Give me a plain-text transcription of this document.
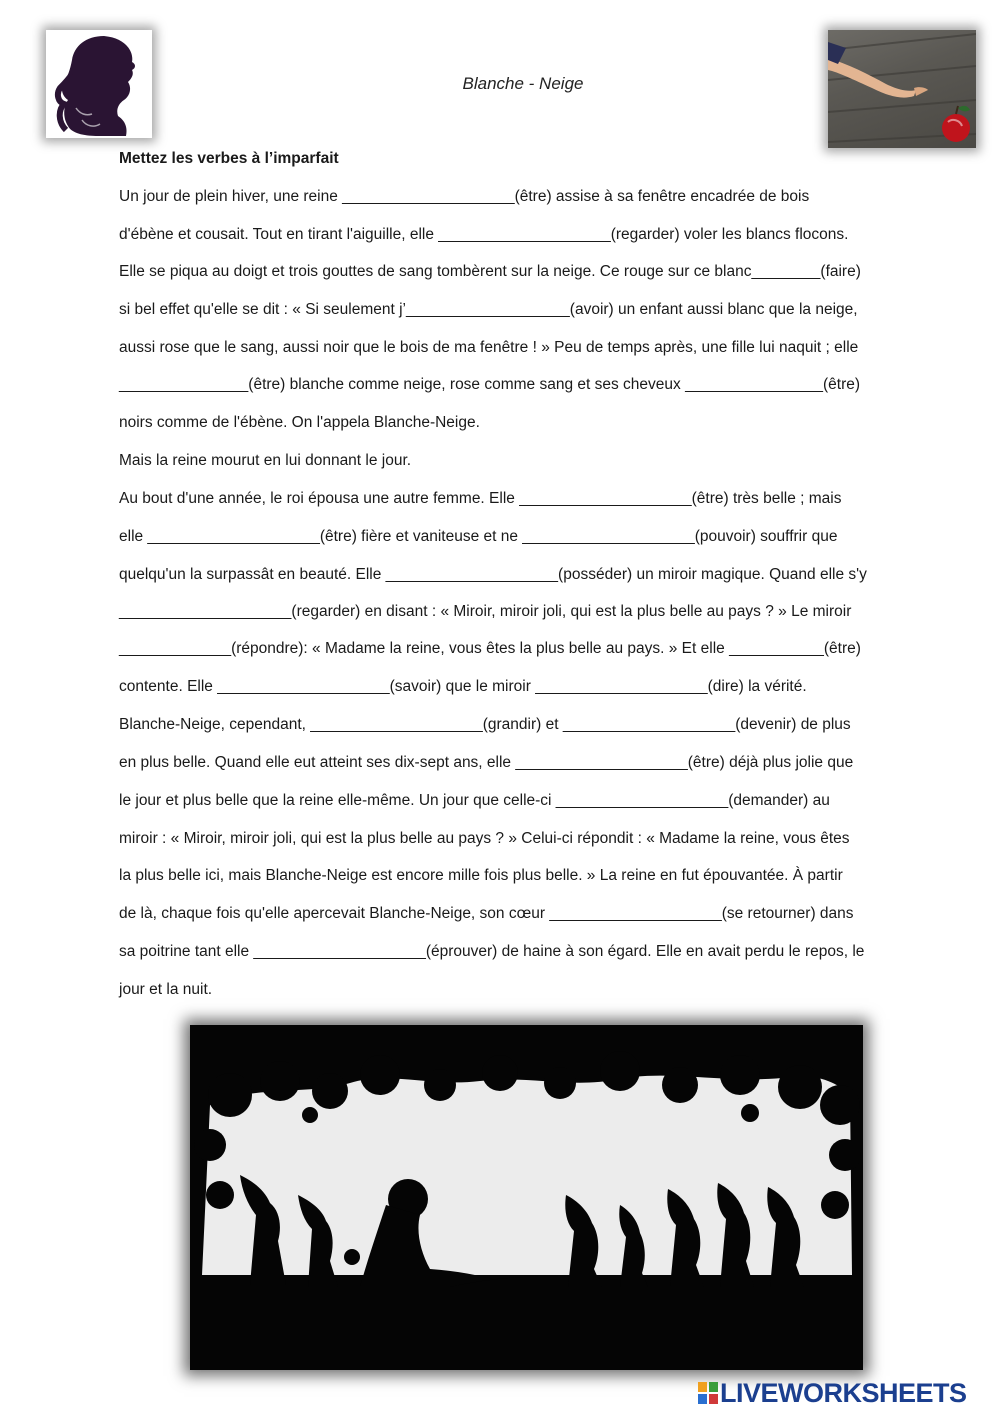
Blanche - Neige
Mettez les verbes à l’imparfait
Un jour de plein hiver, une reine ____________________(être) assise à sa fenêtre encadrée de bois
d'ébène et cousait. Tout en tirant l'aiguille, elle ____________________(regarder) voler les blancs flocons.
Elle se piqua au doigt et trois gouttes de sang tombèrent sur la neige. Ce rouge sur ce blanc________(faire)
si bel effet qu'elle se dit : « Si seulement j’___________________(avoir) un enfant aussi blanc que la neige,
aussi rose que le sang, aussi noir que le bois de ma fenêtre ! » Peu de temps après, une fille lui naquit ; elle
_______________(être) blanche comme neige, rose comme sang et ses cheveux ________________(être)
noirs comme de l'ébène. On l'appela Blanche-Neige.
Mais la reine mourut en lui donnant le jour.
Au bout d'une année, le roi épousa une autre femme. Elle ____________________(être) très belle ; mais
elle ____________________(être) fière et vaniteuse et ne ____________________(pouvoir) souffrir que
quelqu'un la surpassât en beauté. Elle ____________________(posséder) un miroir magique. Quand elle s'y
____________________(regarder) en disant : « Miroir, miroir joli, qui est la plus belle au pays ? » Le miroir
_____________(répondre): « Madame la reine, vous êtes la plus belle au pays. » Et elle ___________(être)
contente. Elle ____________________(savoir) que le miroir ____________________(dire) la vérité.
Blanche-Neige, cependant, ____________________(grandir) et ____________________(devenir) de plus
en plus belle. Quand elle eut atteint ses dix-sept ans, elle ____________________(être) déjà plus jolie que
le jour et plus belle que la reine elle-même. Un jour que celle-ci ____________________(demander) au
miroir : « Miroir, miroir joli, qui est la plus belle au pays ? » Celui-ci répondit : « Madame la reine, vous êtes
la plus belle ici, mais Blanche-Neige est encore mille fois plus belle. » La reine en fut épouvantée. À partir
de là, chaque fois qu'elle apercevait Blanche-Neige, son cœur ____________________(se retourner) dans
sa poitrine tant elle ____________________(éprouver) de haine à son égard. Elle en avait perdu le repos, le
jour et la nuit.
LIVEWORKSHEETS
